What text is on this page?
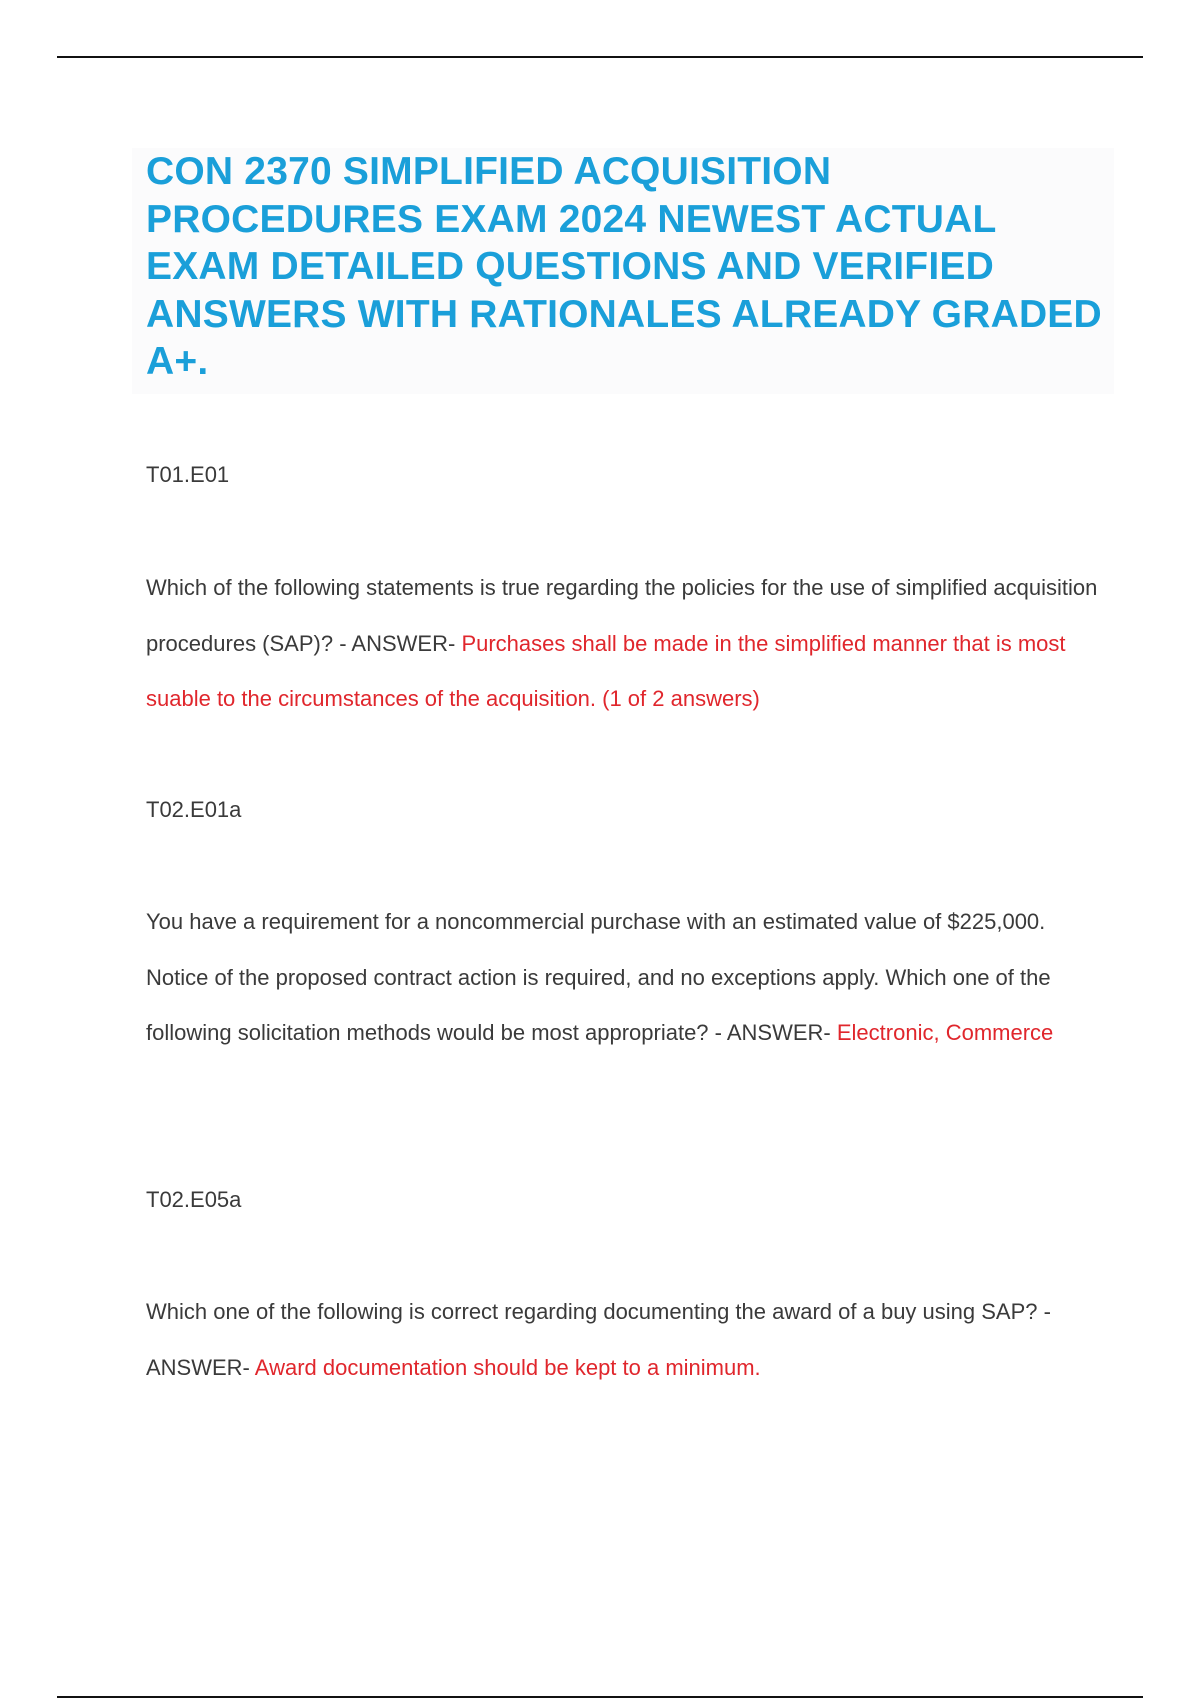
CON 2370 SIMPLIFIED ACQUISITION PROCEDURES EXAM 2024 NEWEST ACTUAL EXAM DETAILED QUESTIONS AND VERIFIED ANSWERS WITH RATIONALES ALREADY GRADED A+.
T01.E01
Which of the following statements is true regarding the policies for the use of simplified acquisition procedures (SAP)? - ANSWER- Purchases shall be made in the simplified manner that is most suable to the circumstances of the acquisition. (1 of 2 answers)
T02.E01a
You have a requirement for a noncommercial purchase with an estimated value of $225,000. Notice of the proposed contract action is required, and no exceptions apply. Which one of the following solicitation methods would be most appropriate? - ANSWER- Electronic, Commerce
T02.E05a
Which one of the following is correct regarding documenting the award of a buy using SAP? - ANSWER- Award documentation should be kept to a minimum.
